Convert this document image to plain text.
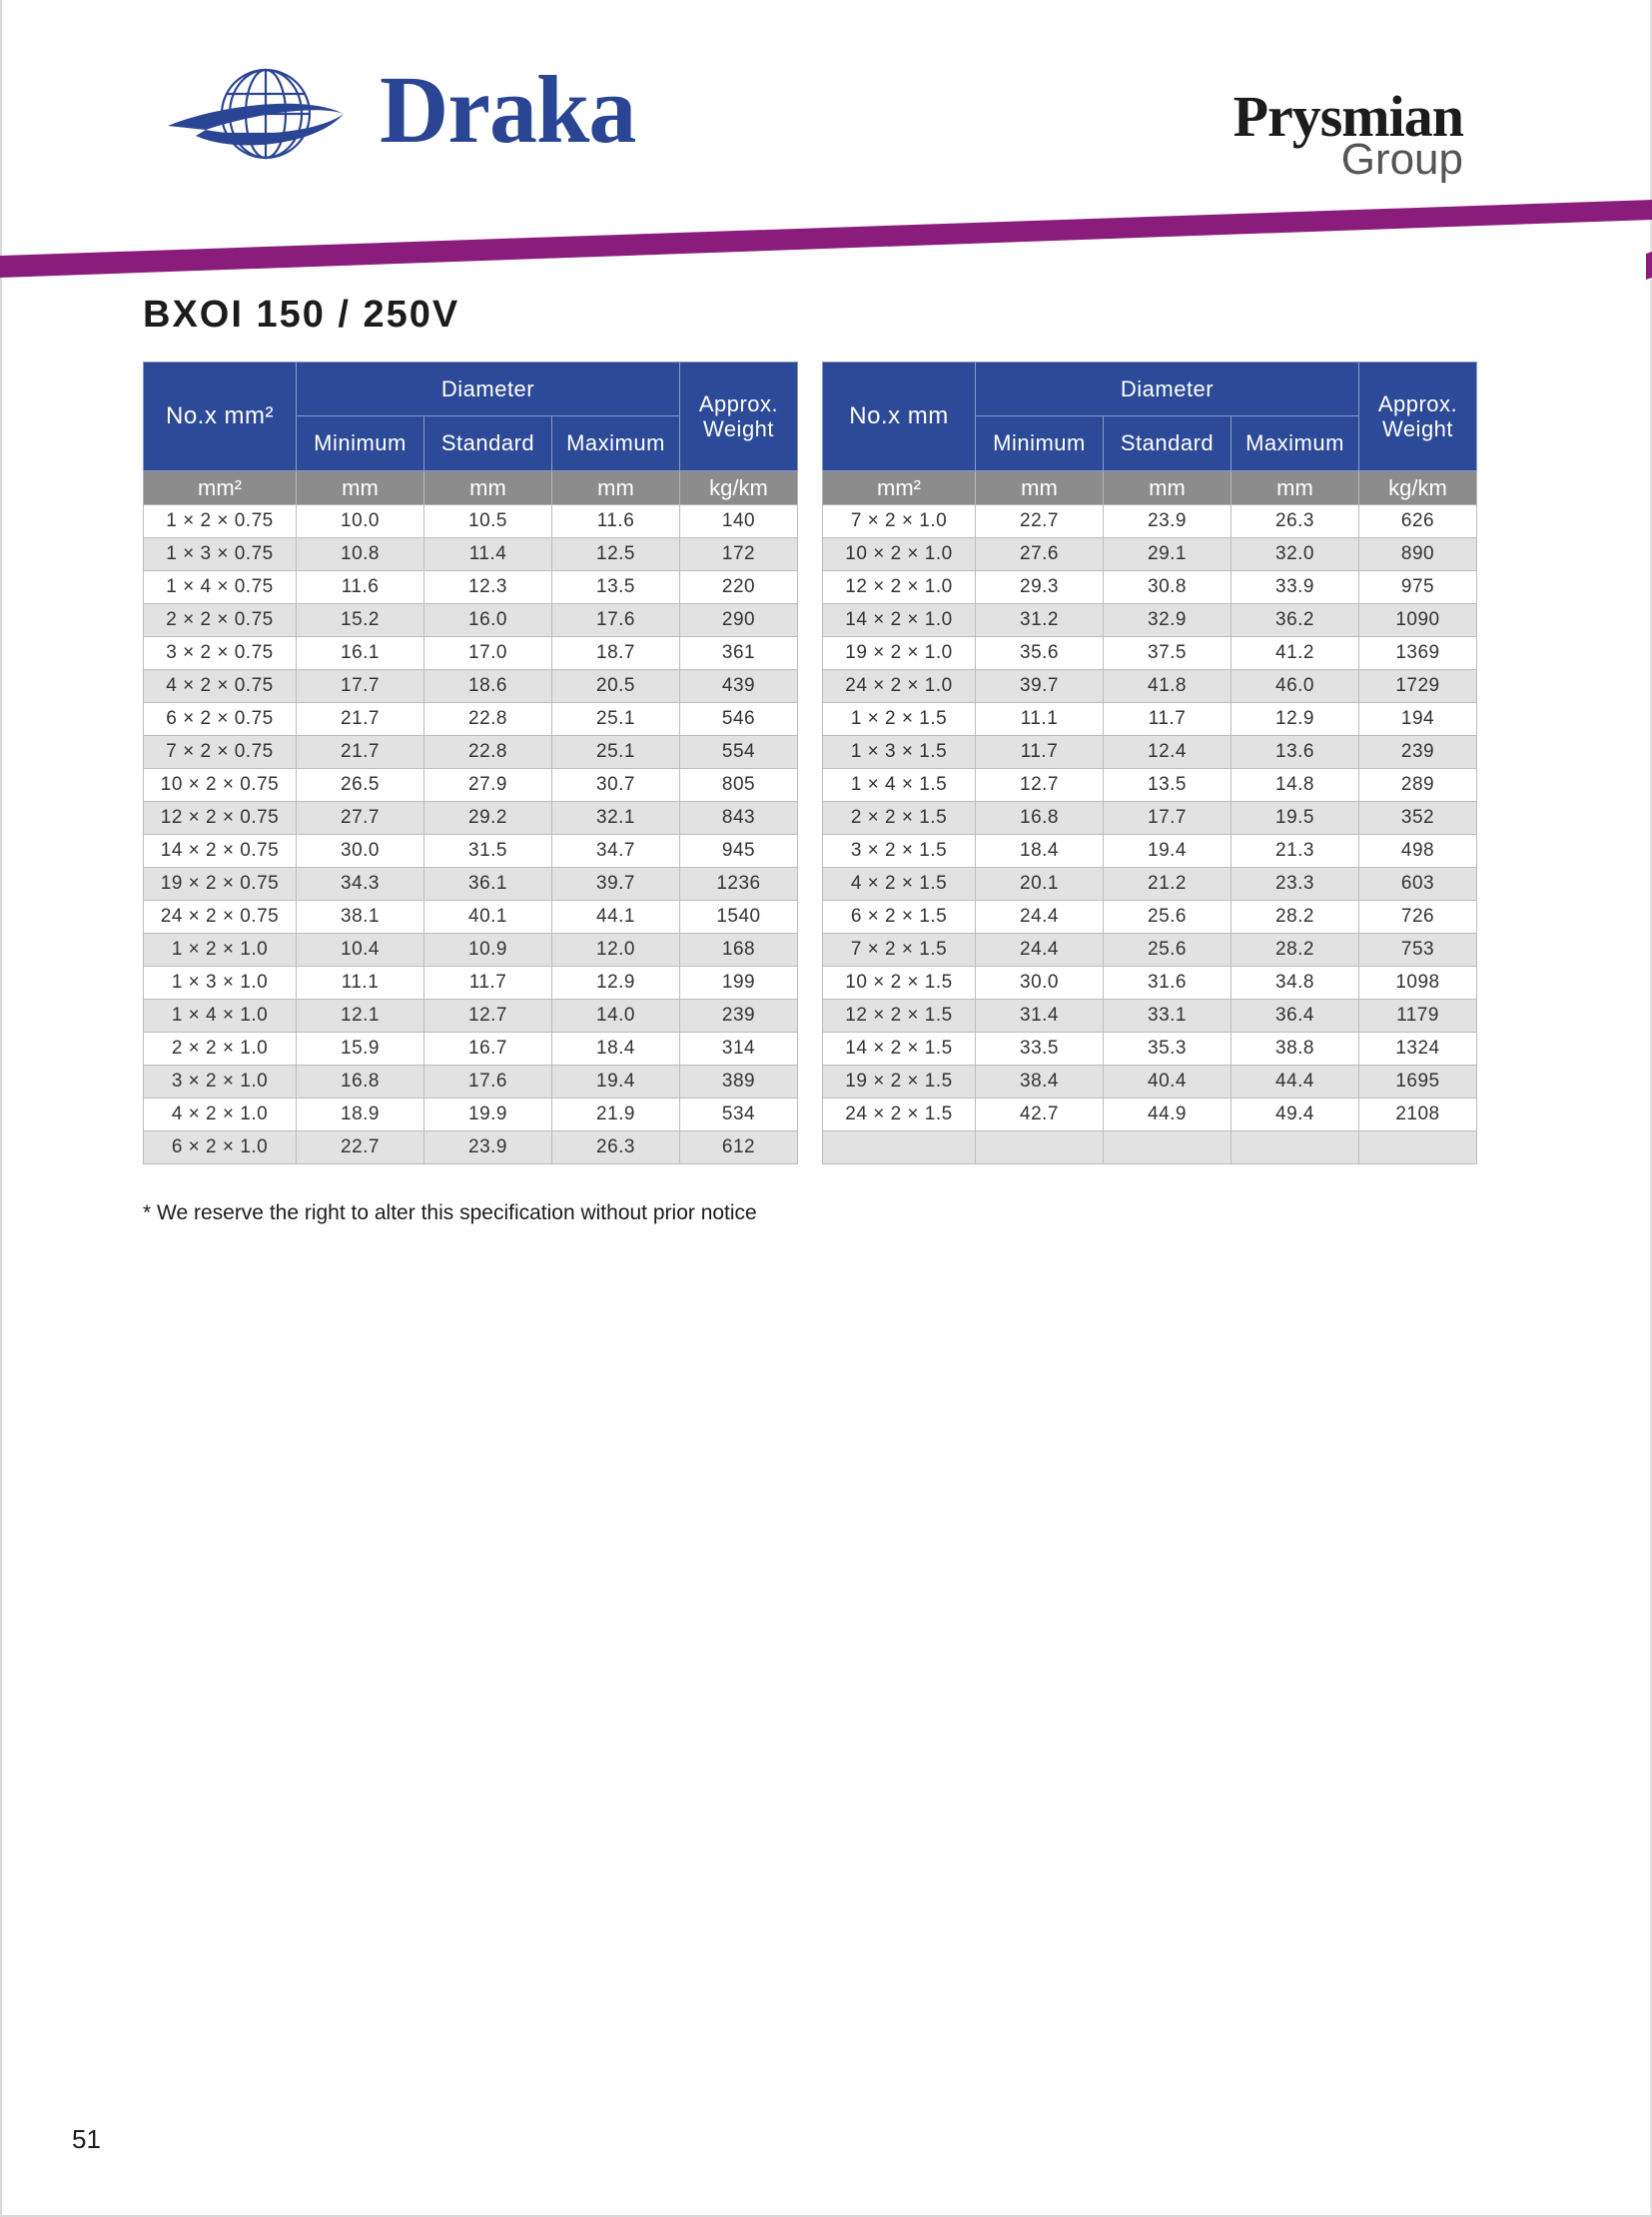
Draka	Prysmian
Group
BXOI 150 / 250V
No.x mm²	Diameter			Approx. Weight
	Minimum	Standard	Maximum	
mm²	mm	mm	mm	kg/km
1 × 2 × 0.75	10.0	10.5	11.6	140
1 × 3 × 0.75	10.8	11.4	12.5	172
1 × 4 × 0.75	11.6	12.3	13.5	220
2 × 2 × 0.75	15.2	16.0	17.6	290
3 × 2 × 0.75	16.1	17.0	18.7	361
4 × 2 × 0.75	17.7	18.6	20.5	439
6 × 2 × 0.75	21.7	22.8	25.1	546
7 × 2 × 0.75	21.7	22.8	25.1	554
10 × 2 × 0.75	26.5	27.9	30.7	805
12 × 2 × 0.75	27.7	29.2	32.1	843
14 × 2 × 0.75	30.0	31.5	34.7	945
19 × 2 × 0.75	34.3	36.1	39.7	1236
24 × 2 × 0.75	38.1	40.1	44.1	1540
1 × 2 × 1.0	10.4	10.9	12.0	168
1 × 3 × 1.0	11.1	11.7	12.9	199
1 × 4 × 1.0	12.1	12.7	14.0	239
2 × 2 × 1.0	15.9	16.7	18.4	314
3 × 2 × 1.0	16.8	17.6	19.4	389
4 × 2 × 1.0	18.9	19.9	21.9	534
6 × 2 × 1.0	22.7	23.9	26.3	612
No.x mm	Diameter			Approx. Weight
	Minimum	Standard	Maximum	
mm²	mm	mm	mm	kg/km
7 × 2 × 1.0	22.7	23.9	26.3	626
10 × 2 × 1.0	27.6	29.1	32.0	890
12 × 2 × 1.0	29.3	30.8	33.9	975
14 × 2 × 1.0	31.2	32.9	36.2	1090
19 × 2 × 1.0	35.6	37.5	41.2	1369
24 × 2 × 1.0	39.7	41.8	46.0	1729
1 × 2 × 1.5	11.1	11.7	12.9	194
1 × 3 × 1.5	11.7	12.4	13.6	239
1 × 4 × 1.5	12.7	13.5	14.8	289
2 × 2 × 1.5	16.8	17.7	19.5	352
3 × 2 × 1.5	18.4	19.4	21.3	498
4 × 2 × 1.5	20.1	21.2	23.3	603
6 × 2 × 1.5	24.4	25.6	28.2	726
7 × 2 × 1.5	24.4	25.6	28.2	753
10 × 2 × 1.5	30.0	31.6	34.8	1098
12 × 2 × 1.5	31.4	33.1	36.4	1179
14 × 2 × 1.5	33.5	35.3	38.8	1324
19 × 2 × 1.5	38.4	40.4	44.4	1695
24 × 2 × 1.5	42.7	44.9	49.4	2108

* We reserve the right to alter this specification without prior notice
51
